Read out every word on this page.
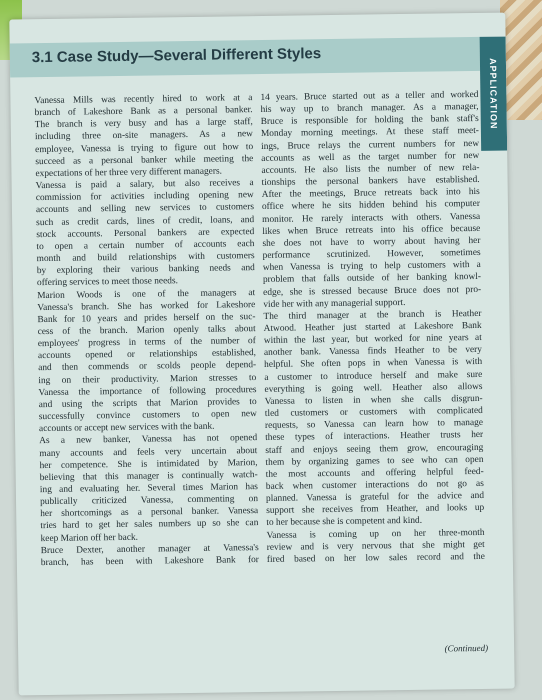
3.1 Case Study—Several Different Styles
APPLICATION
Vanessa Mills was recently hired to work at a
branch of Lakeshore Bank as a personal banker.
The branch is very busy and has a large staff,
including three on-site managers. As a new
employee, Vanessa is trying to figure out how to
succeed as a personal banker while meeting the
expectations of her three very different managers.
Vanessa is paid a salary, but also receives a
commission for activities including opening new
accounts and selling new services to customers
such as credit cards, lines of credit, loans, and
stock accounts. Personal bankers are expected
to open a certain number of accounts each
month and build relationships with customers
by exploring their various banking needs and
offering services to meet those needs.
Marion Woods is one of the managers at
Vanessa's branch. She has worked for Lakeshore
Bank for 10 years and prides herself on the suc-
cess of the branch. Marion openly talks about
employees' progress in terms of the number of
accounts opened or relationships established,
and then commends or scolds people depend-
ing on their productivity. Marion stresses to
Vanessa the importance of following procedures
and using the scripts that Marion provides to
successfully convince customers to open new
accounts or accept new services with the bank.
As a new banker, Vanessa has not opened
many accounts and feels very uncertain about
her competence. She is intimidated by Marion,
believing that this manager is continually watch-
ing and evaluating her. Several times Marion has
publically criticized Vanessa, commenting on
her shortcomings as a personal banker. Vanessa
tries hard to get her sales numbers up so she can
keep Marion off her back.
Bruce Dexter, another manager at Vanessa's
branch, has been with Lakeshore Bank for
14 years. Bruce started out as a teller and worked
his way up to branch manager. As a manager,
Bruce is responsible for holding the bank staff's
Monday morning meetings. At these staff meet-
ings, Bruce relays the current numbers for new
accounts as well as the target number for new
accounts. He also lists the number of new rela-
tionships the personal bankers have established.
After the meetings, Bruce retreats back into his
office where he sits hidden behind his computer
monitor. He rarely interacts with others. Vanessa
likes when Bruce retreats into his office because
she does not have to worry about having her
performance scrutinized. However, sometimes
when Vanessa is trying to help customers with a
problem that falls outside of her banking knowl-
edge, she is stressed because Bruce does not pro-
vide her with any managerial support.
The third manager at the branch is Heather
Atwood. Heather just started at Lakeshore Bank
within the last year, but worked for nine years at
another bank. Vanessa finds Heather to be very
helpful. She often pops in when Vanessa is with
a customer to introduce herself and make sure
everything is going well. Heather also allows
Vanessa to listen in when she calls disgrun-
tled customers or customers with complicated
requests, so Vanessa can learn how to manage
these types of interactions. Heather trusts her
staff and enjoys seeing them grow, encouraging
them by organizing games to see who can open
the most accounts and offering helpful feed-
back when customer interactions do not go as
planned. Vanessa is grateful for the advice and
support she receives from Heather, and looks up
to her because she is competent and kind.
Vanessa is coming up on her three-month
review and is very nervous that she might get
fired based on her low sales record and the
(Continued)
